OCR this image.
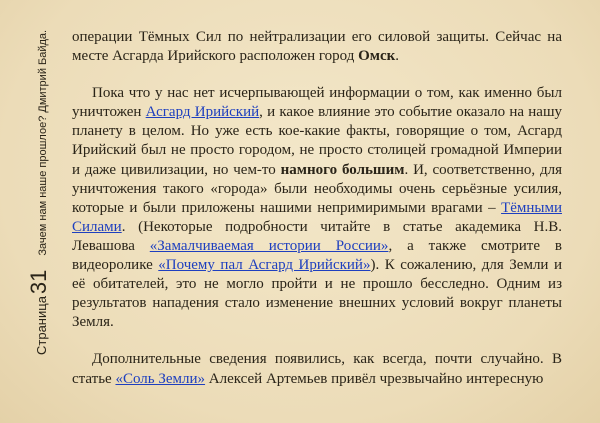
Страница31Зачем нам наше прошлое? Дмитрий Байда. операции Тёмных Сил по нейтрализации его силовой защиты. Сейчас на месте Асгарда Ирийского расположен город Омск.

Пока что у нас нет исчерпывающей информации о том, как именно был уничтожен Асгард Ирийский, и какое влияние это событие оказало на нашу планету в целом. Но уже есть кое-какие факты, говорящие о том, Асгард Ирийский был не просто городом, не просто столицей громадной Империи и даже цивилизации, но чем-то намного большим. И, соответственно, для уничтожения такого «города» были необходимы очень серьёзные усилия, которые и были приложены нашими непримиримыми врагами – Тёмными Силами. (Некоторые подробности читайте в статье академика Н.В. Левашова «Замалчиваемая истории России», а также смотрите в видеоролике «Почему пал Асгард Ирийский»). К сожалению, для Земли и её обитателей, это не могло пройти и не прошло бесследно. Одним из результатов нападения стало изменение внешних условий вокруг планеты Земля.

Дополнительные сведения появились, как всегда, почти случайно. В статье «Соль Земли» Алексей Артемьев привёл чрезвычайно интересную
